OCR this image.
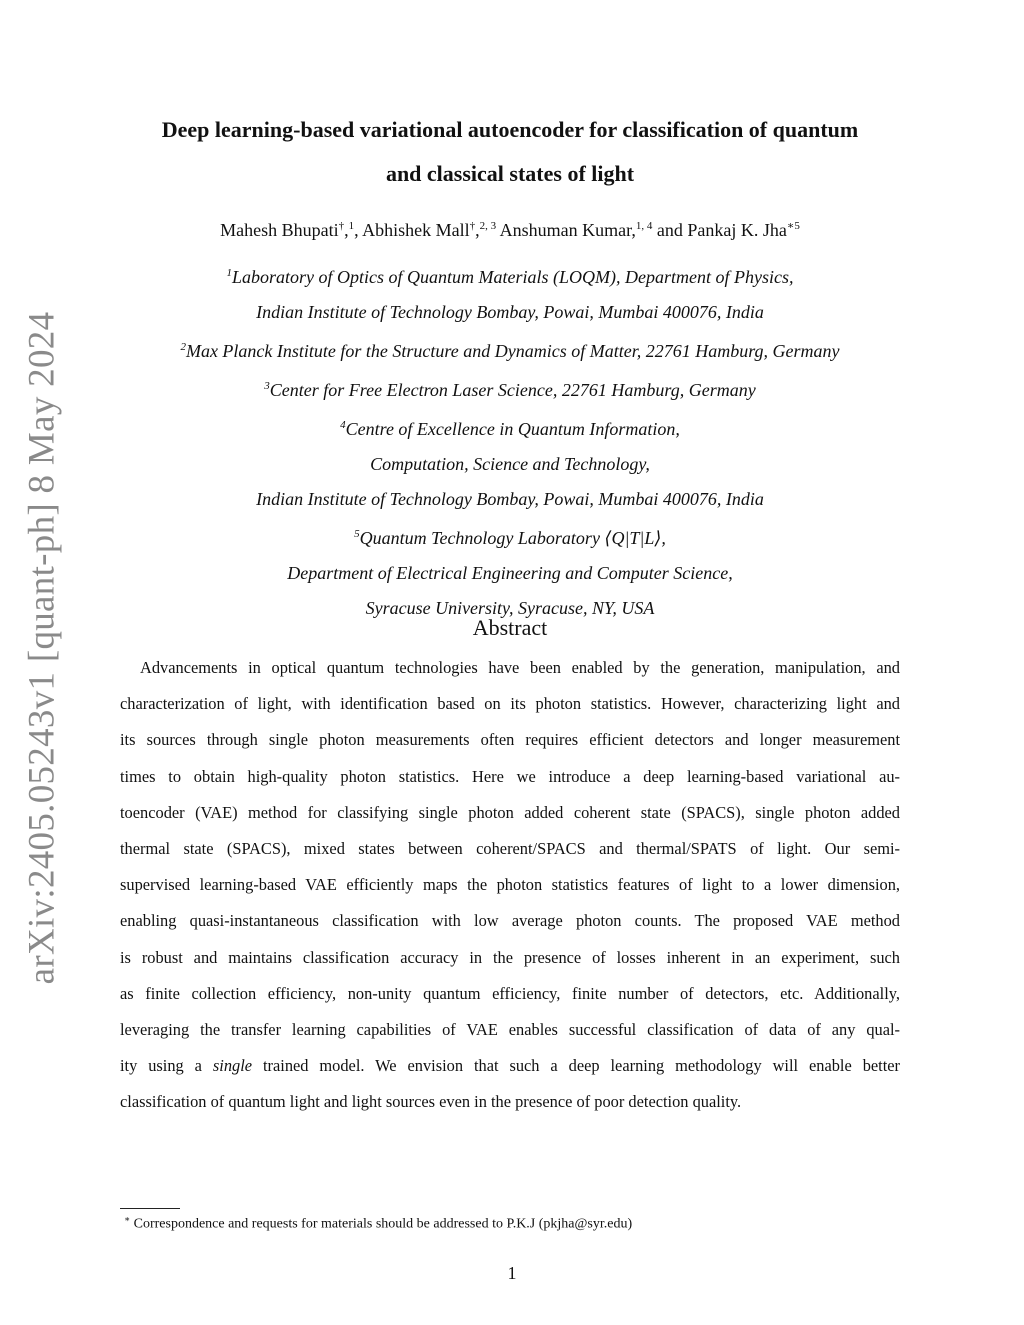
arXiv:2405.05243v1 [quant-ph] 8 May 2024
Deep learning-based variational autoencoder for classification of quantum
and classical states of light
Mahesh Bhupati†,$^1$, Abhishek Mall†,$^{2, 3}$ Anshuman Kumar,$^{1, 4}$ and Pankaj K. Jha$^{∗5}$
$^1$Laboratory of Optics of Quantum Materials (LOQM), Department of Physics,
Indian Institute of Technology Bombay, Powai, Mumbai 400076, India
$^2$Max Planck Institute for the Structure and Dynamics of Matter, 22761 Hamburg, Germany
$^3$Center for Free Electron Laser Science, 22761 Hamburg, Germany
$^4$Centre of Excellence in Quantum Information,
Computation, Science and Technology,
Indian Institute of Technology Bombay, Powai, Mumbai 400076, India
$^5$Quantum Technology Laboratory ⟨Q|T|L⟩,
Department of Electrical Engineering and Computer Science,
Syracuse University, Syracuse, NY, USA
Abstract
Advancements in optical quantum technologies have been enabled by the generation, manipulation, and
characterization of light, with identification based on its photon statistics. However, characterizing light and
its sources through single photon measurements often requires efficient detectors and longer measurement
times to obtain high-quality photon statistics. Here we introduce a deep learning-based variational au-
toencoder (VAE) method for classifying single photon added coherent state (SPACS), single photon added
thermal state (SPACS), mixed states between coherent/SPACS and thermal/SPATS of light. Our semi-
supervised learning-based VAE efficiently maps the photon statistics features of light to a lower dimension,
enabling quasi-instantaneous classification with low average photon counts. The proposed VAE method
is robust and maintains classification accuracy in the presence of losses inherent in an experiment, such
as finite collection efficiency, non-unity quantum efficiency, finite number of detectors, etc. Additionally,
leveraging the transfer learning capabilities of VAE enables successful classification of data of any qual-
ity using a single trained model. We envision that such a deep learning methodology will enable better
classification of quantum light and light sources even in the presence of poor detection quality.
∗ Correspondence and requests for materials should be addressed to P.K.J (pkjha@syr.edu)
1
